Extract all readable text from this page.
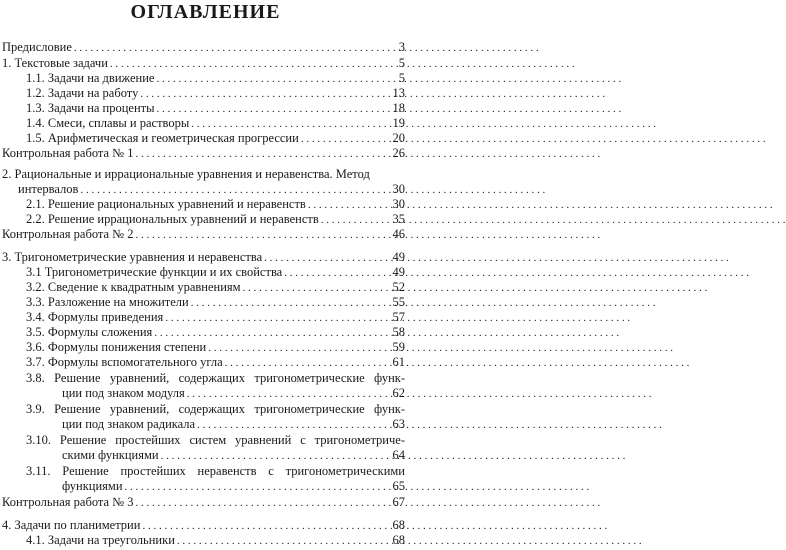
ОГЛАВЛЕНИЕ
Предисловие . . .	3
1. Текстовые задачи . . .	5
1.1. Задачи на движение . . .	5
1.2. Задачи на работу . . .	13
1.3. Задачи на проценты . . .	18
1.4. Смеси, сплавы и растворы . . .	19
1.5. Арифметическая и геометрическая прогрессии . . .	20
Контрольная работа № 1 . . .	26
2. Рациональные и иррациональные уравнения и неравенства. Метод
интервалов . . .	30
2.1. Решение рациональных уравнений и неравенств . . .	30
2.2. Решение иррациональных уравнений и неравенств . . .	35
Контрольная работа № 2 . . .	46
3. Тригонометрические уравнения и неравенства . . .	49
3.1 Тригонометрические функции и их свойства . . .	49
3.2. Сведение к квадратным уравнениям . . .	52
3.3. Разложение на множители . . .	55
3.4. Формулы приведения . . .	57
3.5. Формулы сложения . . .	58
3.6. Формулы понижения степени . . .	59
3.7. Формулы вспомогательного угла . . .	61
3.8. Решение уравнений, содержащих тригонометрические функ-
ции под знаком модуля . . .	62
3.9. Решение уравнений, содержащих тригонометрические функ-
ции под знаком радикала . . .	63
3.10. Решение простейших систем уравнений с тригонометриче-
скими функциями . . .	64
3.11. Решение простейших неравенств с тригонометрическими
функциями . . .	65
Контрольная работа № 3 . . .	67
4. Задачи по планиметрии . . .	68
4.1. Задачи на треугольники . . .	68
